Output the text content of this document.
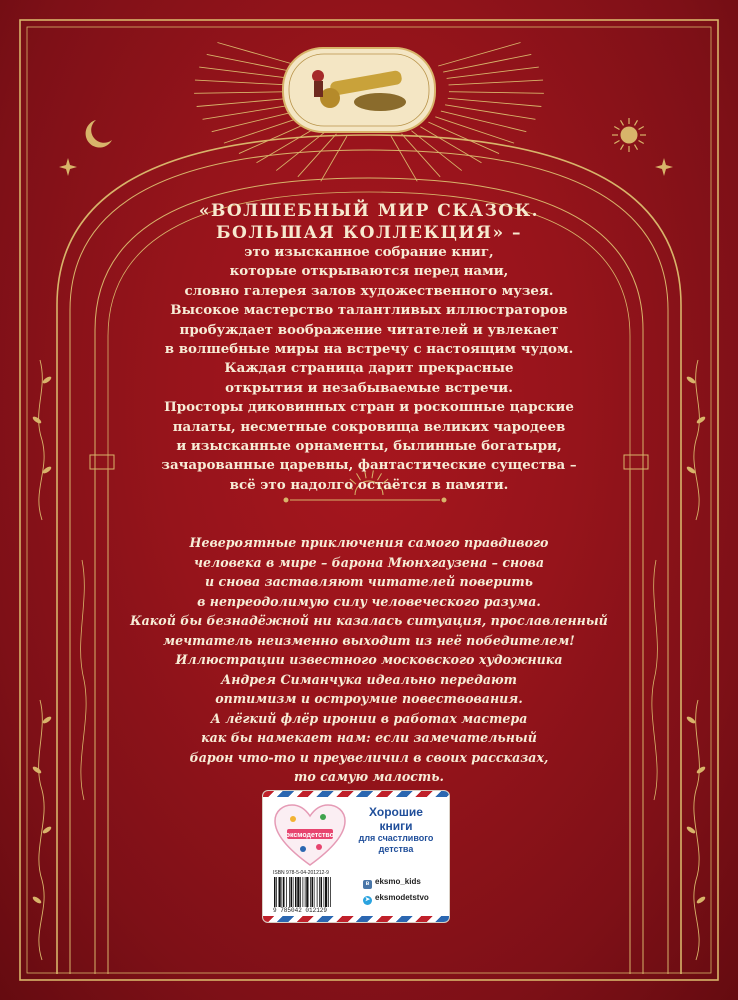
«ВОЛШЕБНЫЙ МИР СКАЗОК.
БОЛЬШАЯ КОЛЛЕКЦИЯ» –
это изысканное собрание книг,
которые открываются перед нами,
словно галерея залов художественного музея.
Высокое мастерство талантливых иллюстраторов
пробуждает воображение читателей и увлекает
в волшебные миры на встречу с настоящим чудом.
Каждая страница дарит прекрасные
открытия и незабываемые встречи.
Просторы диковинных стран и роскошные царские
палаты, несметные сокровища великих чародеев
и изысканные орнаменты, былинные богатыри,
зачарованные царевны, фантастические существа –
всё это надолго остаётся в памяти.
Невероятные приключения самого правдивого
человека в мире – барона Мюнхгаузена – снова
и снова заставляют читателей поверить
в непреодолимую силу человеческого разума.
Какой бы безнадёжной ни казалась ситуация, прославленный
мечтатель неизменно выходит из неё победителем!
Иллюстрации известного московского художника
Андрея Симанчука идеально передают
оптимизм и остроумие повествования.
А лёгкий флёр иронии в работах мастера
как бы намекает нам: если замечательный
барон что-то и преувеличил в своих рассказах,
то самую малость.
эксмодетство
Хорошие
книги
для счастливого
детства
ISBN 978-5-04-201212-9
9 785042 012129
в eksmo_kids
➤ eksmodetstvo
